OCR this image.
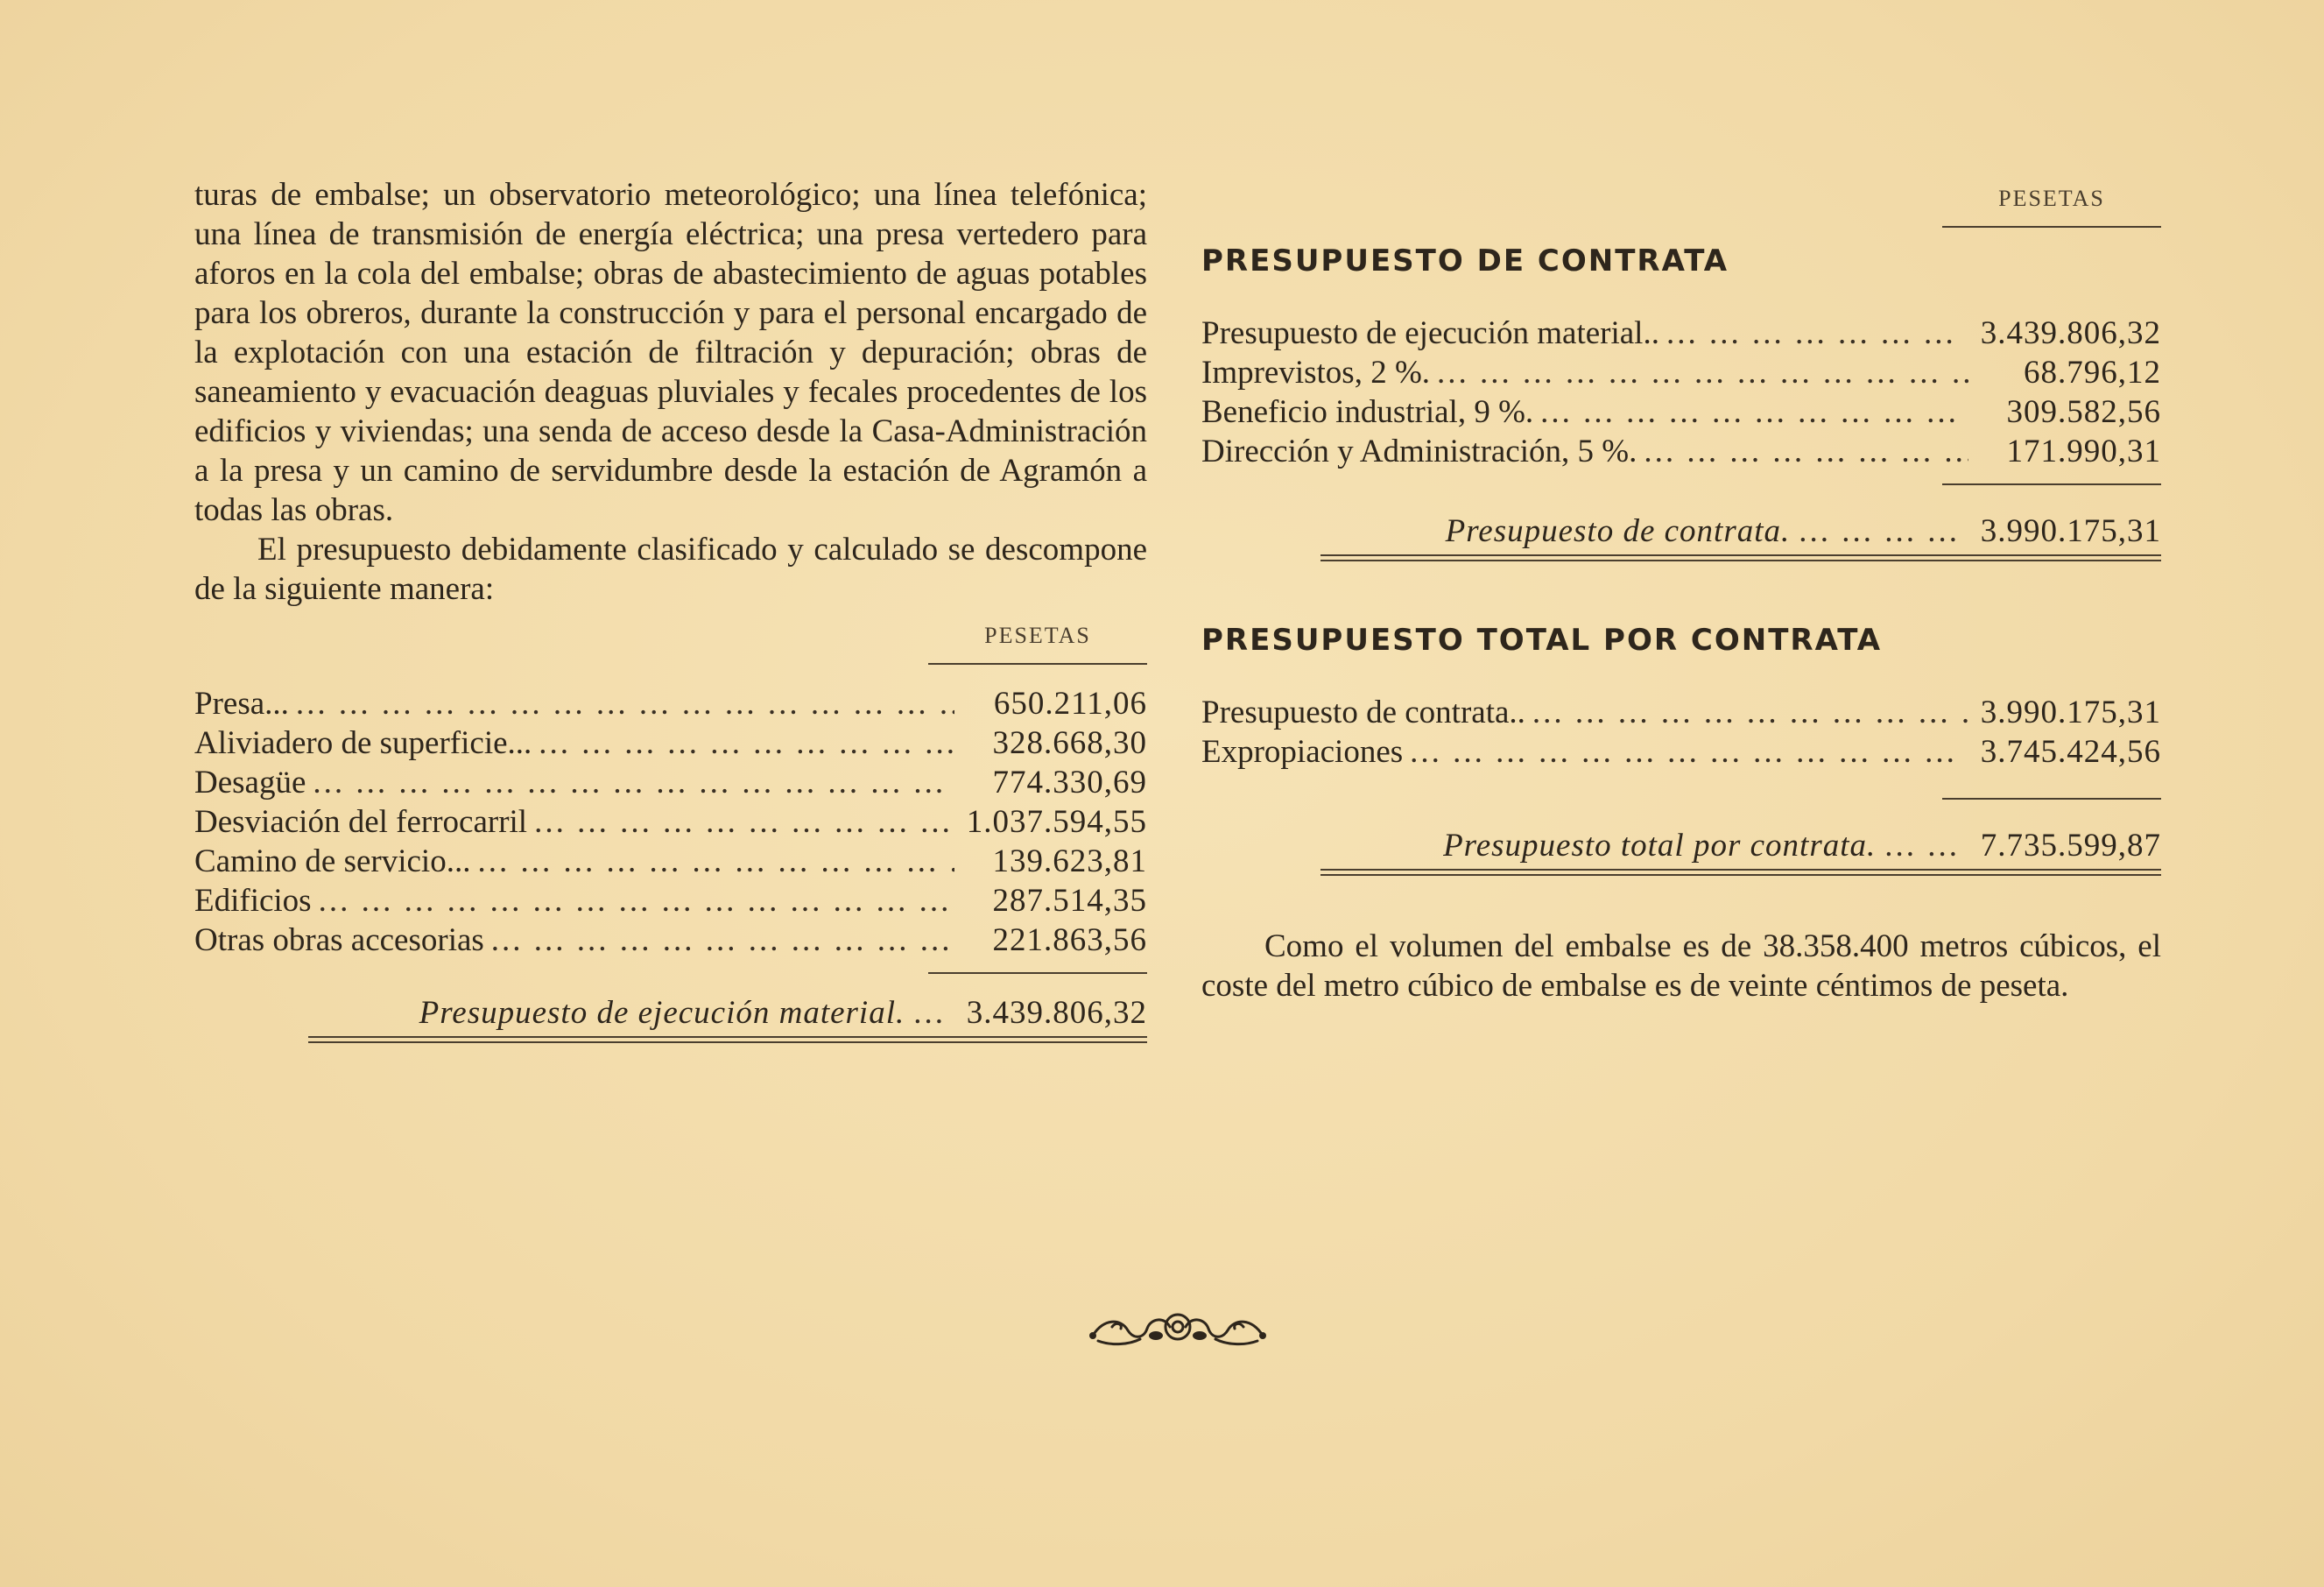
turas de embalse; un observatorio meteorológico; una línea telefónica; una línea de transmisión de energía eléctrica; una presa vertedero para aforos en la cola del embalse; obras de abastecimiento de aguas potables para los obreros, durante la construcción y para el personal encargado de la explotación con una estación de filtración y depuración; obras de saneamiento y evacuación deaguas pluviales y fecales procedentes de los edificios y viviendas; una senda de acceso desde la Casa-Administración a la presa y un camino de servidumbre desde la estación de Agramón a todas las obras.

El presupuesto debidamente clasificado y calculado se descompone de la siguiente manera:

PESETAS
Presa... ... .	650.211,06
Aliviadero de superficie... ... .	328.668,30
Desagüe ... .	774.330,69
Desviación del ferrocarril ... .	1.037.594,55
Camino de servicio... ... .	139.623,81
Edificios ... .	287.514,35
Otras obras accesorias ... .	221.863,56
Presupuesto de ejecución material. ... 3.439.806,32
PESETAS
PRESUPUESTO DE CONTRATA
Presupuesto de ejecución material.. ... .	3.439.806,32
Imprevistos, 2 %. ... .	68.796,12
Beneficio industrial, 9 %. ... .	309.582,56
Dirección y Administración, 5 %. ... .	171.990,31
Presupuesto de contrata. ... ... ... ... 3.990.175,31
PRESUPUESTO TOTAL POR CONTRATA
Presupuesto de contrata.. ... .	3.990.175,31
Expropiaciones ... .	3.745.424,56
Presupuesto total por contrata. ... ... 7.735.599,87

Como el volumen del embalse es de 38.358.400 metros cúbicos, el coste del metro cúbico de embalse es de veinte céntimos de peseta.
